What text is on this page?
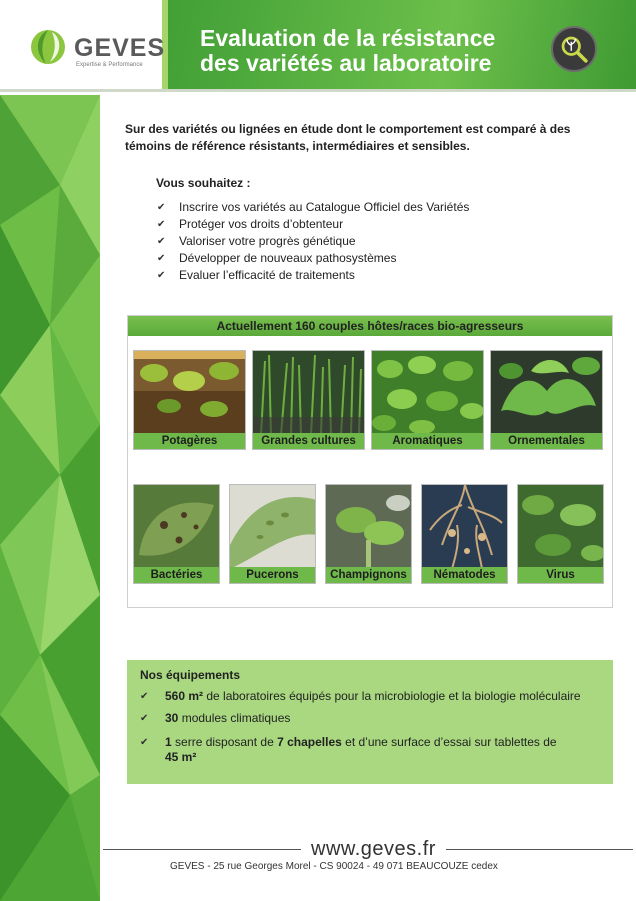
GEVES
Expertise & Performance
Evaluation de la résistance
des variétés au laboratoire
Sur des variétés ou lignées en étude dont le comportement est comparé à des témoins de référence résistants, intermédiaires et sensibles.
Vous souhaitez :
✔	Inscrire vos variétés au Catalogue Officiel des Variétés
✔	Protéger vos droits d’obtenteur
✔	Valoriser votre progrès génétique
✔	Développer de nouveaux pathosystèmes
✔	Evaluer l’efficacité de traitements
Actuellement 160 couples hôtes/races bio-agresseurs
Potagères	Grandes cultures	Aromatiques	Ornementales
Bactéries	Pucerons	Champignons	Nématodes	Virus
Nos équipements
✔	560 m² de laboratoires équipés pour la microbiologie et la biologie moléculaire
✔	30 modules climatiques
✔	1 serre disposant de 7 chapelles et d’une surface d’essai sur tablettes de
45 m²
www.geves.fr
GEVES - 25 rue Georges Morel - CS 90024 - 49 071 BEAUCOUZE cedex
